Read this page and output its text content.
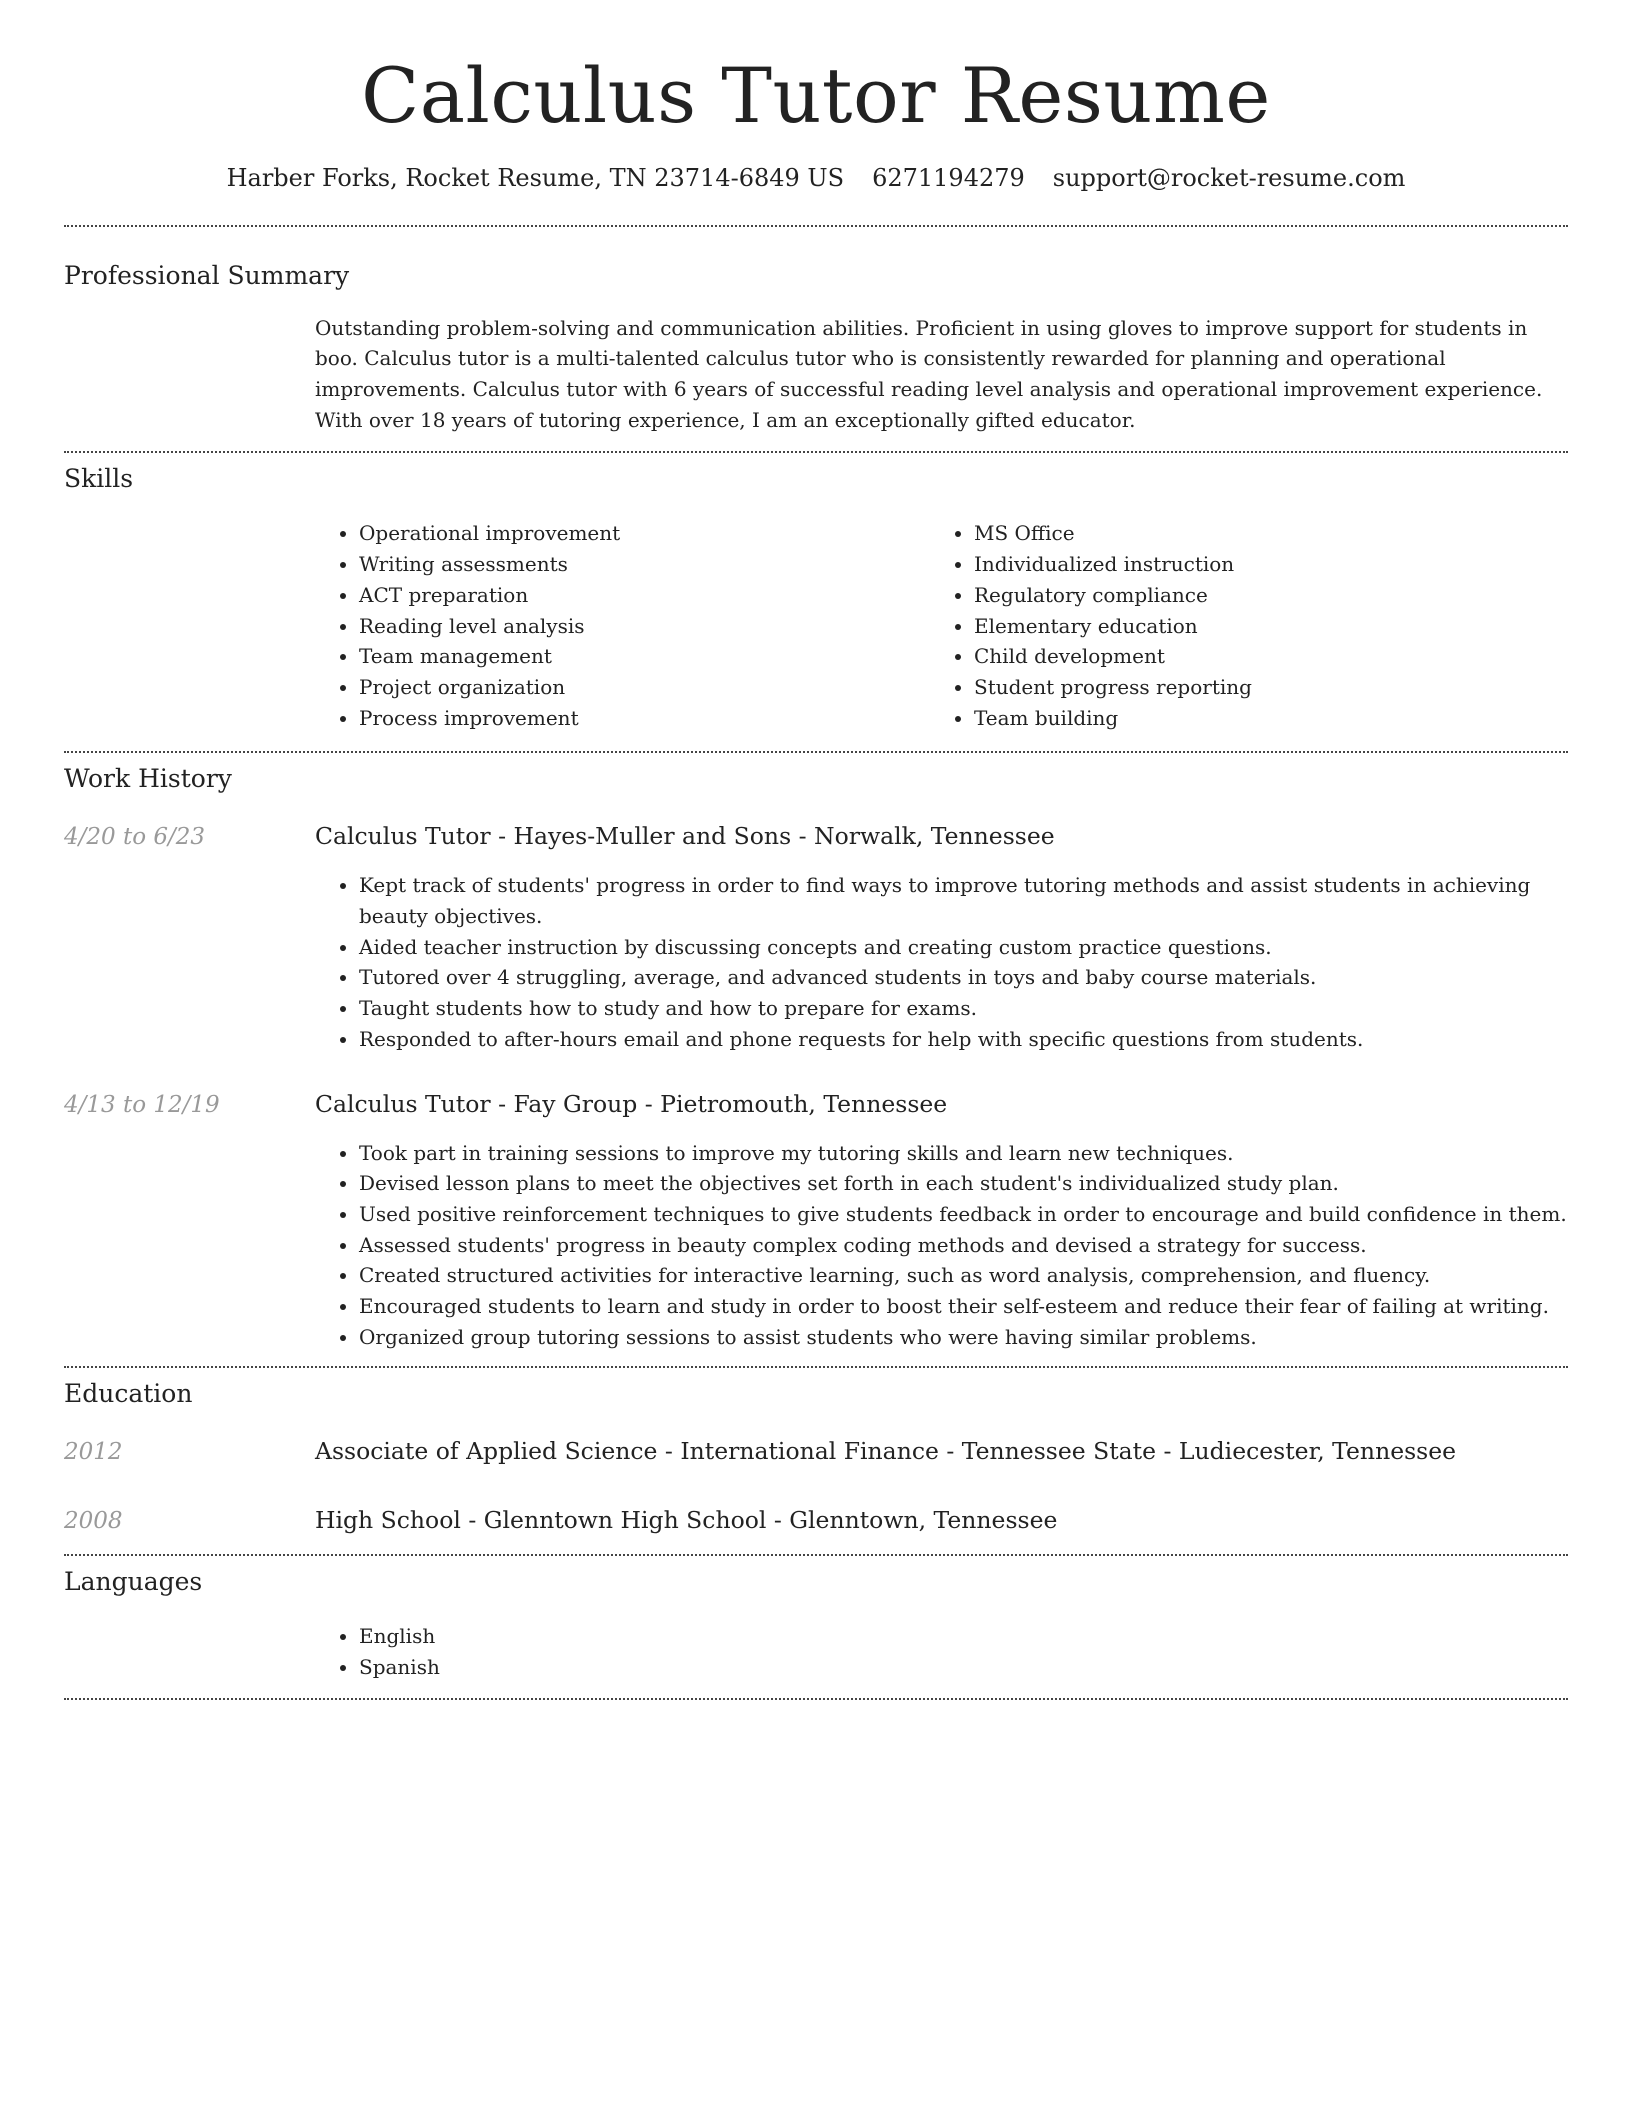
Calculus Tutor Resume
Harber Forks, Rocket Resume, TN 23714-6849 US 6271194279 support@rocket-resume.com
Professional Summary

Outstanding problem-solving and communication abilities. Proficient in using gloves to improve support for students in boo. Calculus tutor is a multi-talented calculus tutor who is consistently rewarded for planning and operational improvements. Calculus tutor with 6 years of successful reading level analysis and operational improvement experience. With over 18 years of tutoring experience, I am an exceptionally gifted educator.

Skills
• Operational improvement
• Writing assessments
• ACT preparation
• Reading level analysis
• Team management
• Project organization
• Process improvement
• MS Office
• Individualized instruction
• Regulatory compliance
• Elementary education
• Child development
• Student progress reporting
• Team building
Work History
4/20 to 6/23	Calculus Tutor - Hayes-Muller and Sons - Norwalk, Tennessee
• Kept track of students' progress in order to find ways to improve tutoring methods and assist students in achieving beauty objectives.
• Aided teacher instruction by discussing concepts and creating custom practice questions.
• Tutored over 4 struggling, average, and advanced students in toys and baby course materials.
• Taught students how to study and how to prepare for exams.
• Responded to after-hours email and phone requests for help with specific questions from students.
4/13 to 12/19	Calculus Tutor - Fay Group - Pietromouth, Tennessee
• Took part in training sessions to improve my tutoring skills and learn new techniques.
• Devised lesson plans to meet the objectives set forth in each student's individualized study plan.
• Used positive reinforcement techniques to give students feedback in order to encourage and build confidence in them.
• Assessed students' progress in beauty complex coding methods and devised a strategy for success.
• Created structured activities for interactive learning, such as word analysis, comprehension, and fluency.
• Encouraged students to learn and study in order to boost their self-esteem and reduce their fear of failing at writing.
• Organized group tutoring sessions to assist students who were having similar problems.
Education
2012	Associate of Applied Science - International Finance - Tennessee State - Ludiecester, Tennessee
2008	High School - Glenntown High School - Glenntown, Tennessee
Languages
• English
• Spanish
